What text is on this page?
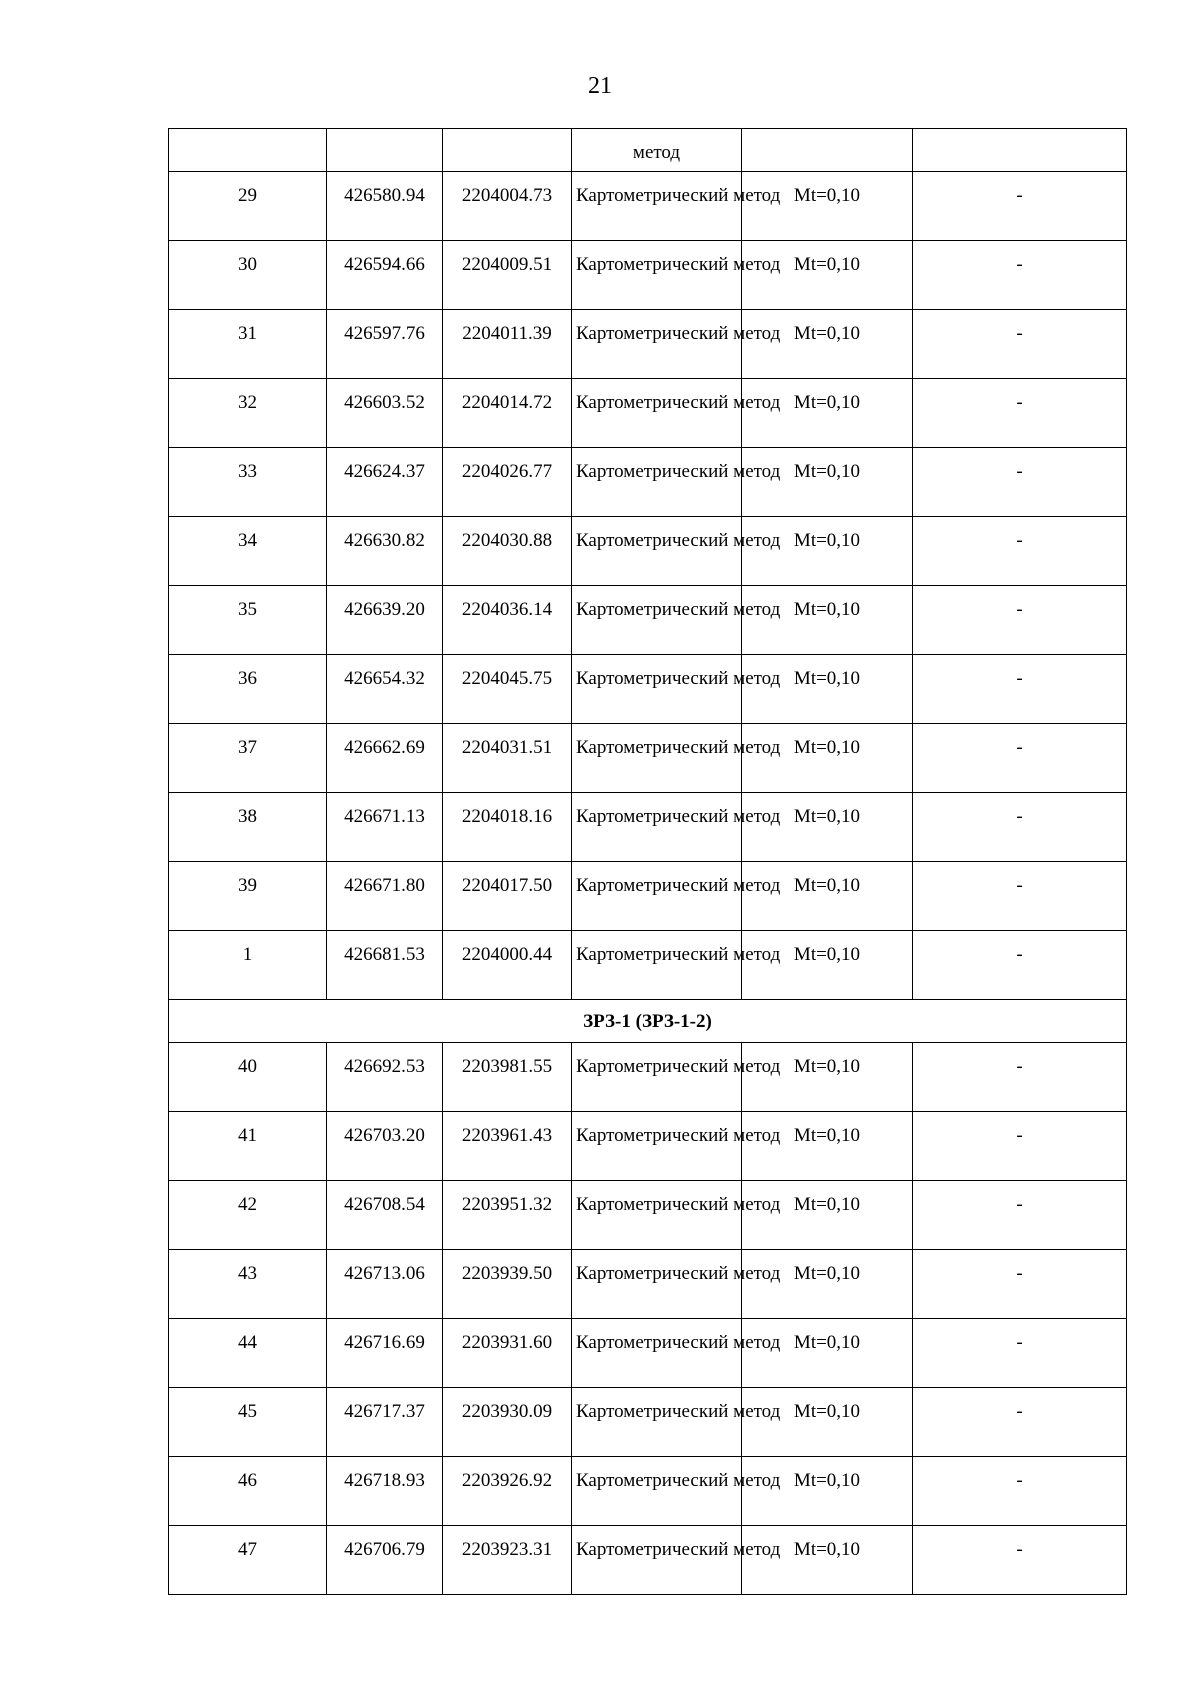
21
			метод		
29	426580.94	2204004.73	Картометрический метод	Mt=0,10	-
30	426594.66	2204009.51	Картометрический метод	Mt=0,10	-
31	426597.76	2204011.39	Картометрический метод	Mt=0,10	-
32	426603.52	2204014.72	Картометрический метод	Mt=0,10	-
33	426624.37	2204026.77	Картометрический метод	Mt=0,10	-
34	426630.82	2204030.88	Картометрический метод	Mt=0,10	-
35	426639.20	2204036.14	Картометрический метод	Mt=0,10	-
36	426654.32	2204045.75	Картометрический метод	Mt=0,10	-
37	426662.69	2204031.51	Картометрический метод	Mt=0,10	-
38	426671.13	2204018.16	Картометрический метод	Mt=0,10	-
39	426671.80	2204017.50	Картометрический метод	Mt=0,10	-
1	426681.53	2204000.44	Картометрический метод	Mt=0,10	-
ЗРЗ-1 (ЗРЗ-1-2)					
40	426692.53	2203981.55	Картометрический метод	Mt=0,10	-
41	426703.20	2203961.43	Картометрический метод	Mt=0,10	-
42	426708.54	2203951.32	Картометрический метод	Mt=0,10	-
43	426713.06	2203939.50	Картометрический метод	Mt=0,10	-
44	426716.69	2203931.60	Картометрический метод	Mt=0,10	-
45	426717.37	2203930.09	Картометрический метод	Mt=0,10	-
46	426718.93	2203926.92	Картометрический метод	Mt=0,10	-
47	426706.79	2203923.31	Картометрический метод	Mt=0,10	-
